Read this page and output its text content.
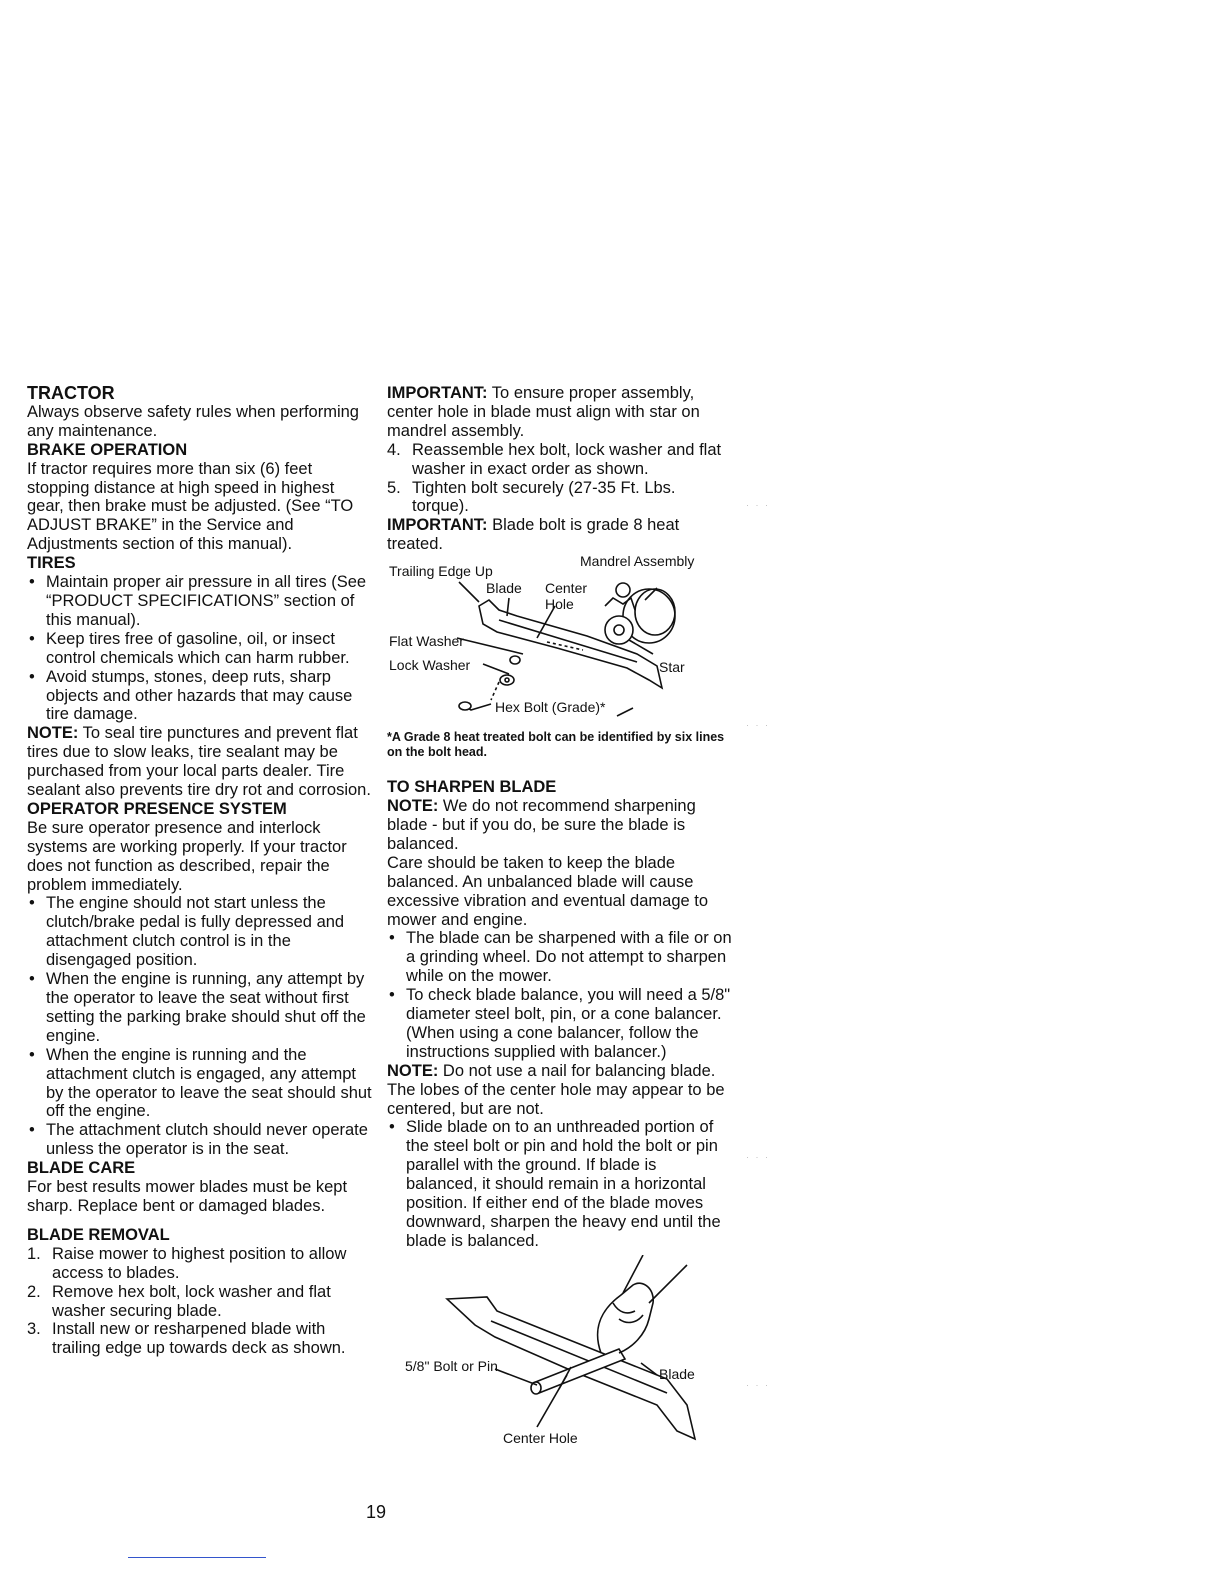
TRACTOR

Always observe safety rules when performing any maintenance.

BRAKE OPERATION

If tractor requires more than six (6) feet stopping distance at high speed in highest gear, then brake must be adjusted. (See “TO ADJUST BRAKE” in the Service and Adjustments section of this manual).

TIRES
• Maintain proper air pressure in all tires (See “PRODUCT SPECIFICATIONS” section of this manual).
• Keep tires free of gasoline, oil, or insect control chemicals which can harm rubber.
• Avoid stumps, stones, deep ruts, sharp objects and other hazards that may cause tire damage.

NOTE: To seal tire punctures and prevent flat tires due to slow leaks, tire sealant may be purchased from your local parts dealer. Tire sealant also prevents tire dry rot and corrosion.

OPERATOR PRESENCE SYSTEM

Be sure operator presence and interlock systems are working properly. If your tractor does not function as described, repair the problem immediately.

• The engine should not start unless the clutch/brake pedal is fully depressed and attachment clutch control is in the disengaged position.
• When the engine is running, any attempt by the operator to leave the seat without first setting the parking brake should shut off the engine.
• When the engine is running and the attachment clutch is engaged, any attempt by the operator to leave the seat should shut off the engine.
• The attachment clutch should never operate unless the operator is in the seat.
BLADE CARE

For best results mower blades must be kept sharp. Replace bent or damaged blades.

BLADE REMOVAL
1. Raise mower to highest position to allow access to blades.
2. Remove hex bolt, lock washer and flat washer securing blade.
3. Install new or resharpened blade with trailing edge up towards deck as shown.

IMPORTANT: To ensure proper assembly, center hole in blade must align with star on mandrel assembly.

4. Reassemble hex bolt, lock washer and flat washer in exact order as shown.
5. Tighten bolt securely (27-35 Ft. Lbs. torque).

IMPORTANT: Blade bolt is grade 8 heat treated.

Trailing Edge Up
Mandrel Assembly
Blade Center
Hole
Flat Washer
Lock Washer	Star
Hex Bolt (Grade)*

*A Grade 8 heat treated bolt can be identified by six lines on the bolt head.

TO SHARPEN BLADE

NOTE: We do not recommend sharpening blade - but if you do, be sure the blade is balanced.

Care should be taken to keep the blade balanced. An unbalanced blade will cause excessive vibration and eventual damage to mower and engine.

• The blade can be sharpened with a file or on a grinding wheel. Do not attempt to sharpen while on the mower.
• To check blade balance, you will need a 5/8" diameter steel bolt, pin, or a cone balancer. (When using a cone balancer, follow the instructions supplied with balancer.)

NOTE: Do not use a nail for balancing blade. The lobes of the center hole may appear to be centered, but are not.

• Slide blade on to an unthreaded portion of the steel bolt or pin and hold the bolt or pin parallel with the ground. If blade is balanced, it should remain in a horizontal position. If either end of the blade moves downward, sharpen the heavy end until the blade is balanced.
5/8" Bolt or Pin	Blade
Center Hole
19
· · ·
· · ·
· · ·
· · ·
